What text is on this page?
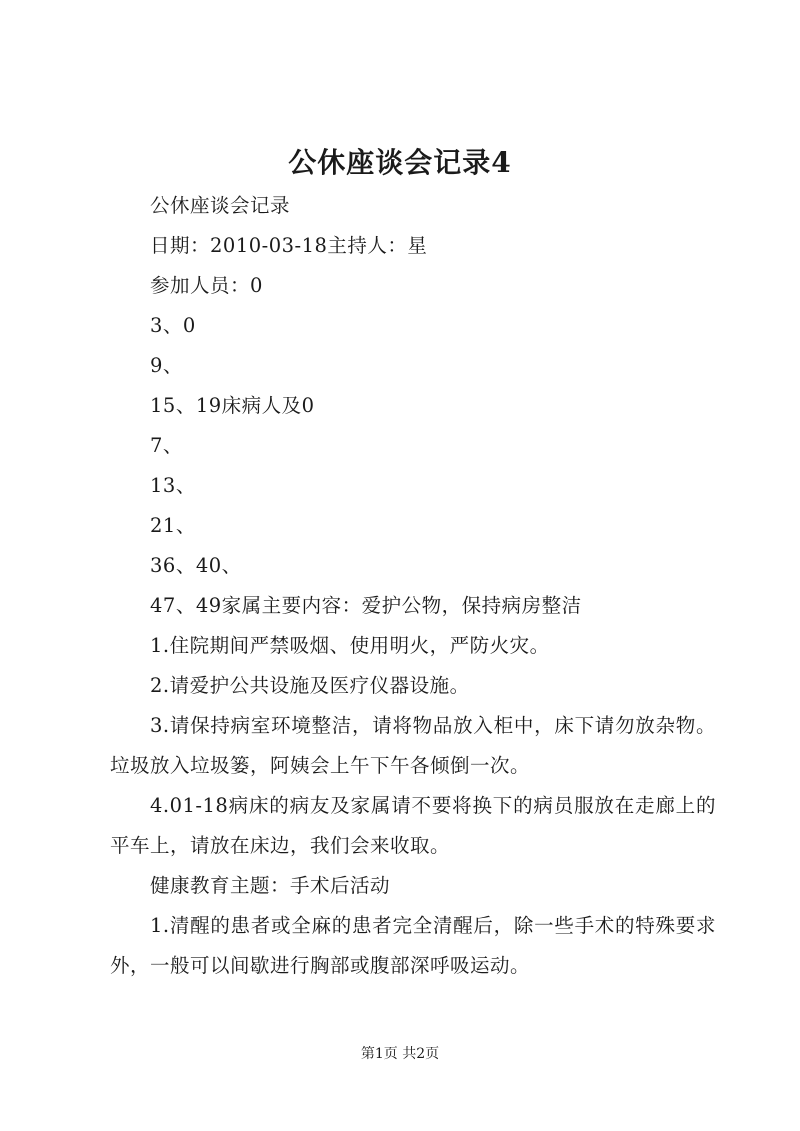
公休座谈会记录4

公休座谈会记录

日期：2010-03-18主持人：星

参加人员：0

3、0

9、

15、19床病人及0

7、

13、

21、

36、40、

47、49家属主要内容：爱护公物，保持病房整洁

1.住院期间严禁吸烟、使用明火，严防火灾。

2.请爱护公共设施及医疗仪器设施。

3.请保持病室环境整洁，请将物品放入柜中，床下请勿放杂物。垃圾放入垃圾篓，阿姨会上午下午各倾倒一次。

4.01-18病床的病友及家属请不要将换下的病员服放在走廊上的平车上，请放在床边，我们会来收取。

健康教育主题：手术后活动

1.清醒的患者或全麻的患者完全清醒后，除一些手术的特殊要求外，一般可以间歇进行胸部或腹部深呼吸运动。

第1页 共2页
